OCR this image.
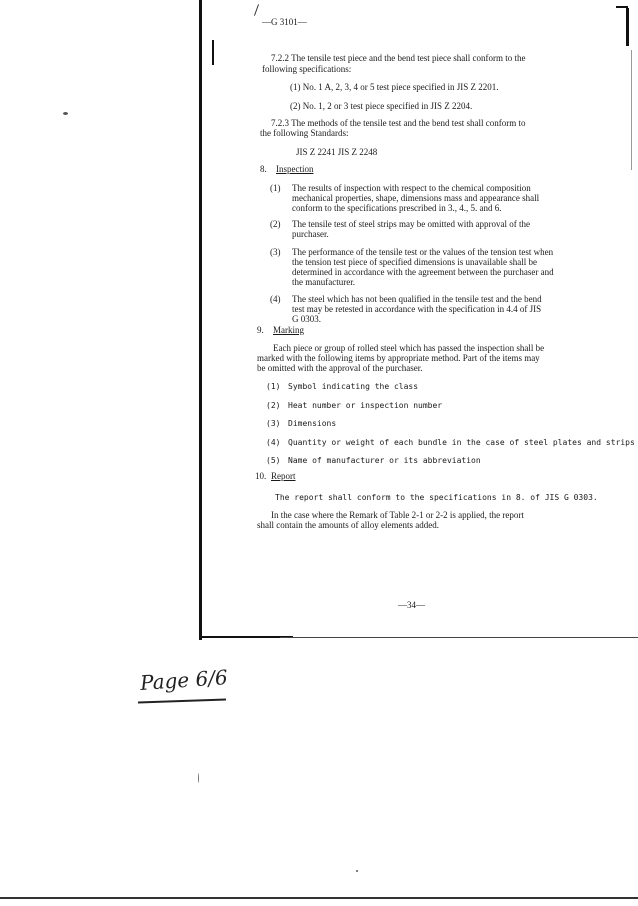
—G 3101—
7.2.2 The tensile test piece and the bend test piece shall conform to the
following specifications:
(1) No. 1 A, 2, 3, 4 or 5 test piece specified in JIS Z 2201.
(2) No. 1, 2 or 3 test piece specified in JIS Z 2204.
7.2.3 The methods of the tensile test and the bend test shall conform to
the following Standards:
JIS Z 2241 JIS Z 2248
8. Inspection
(1) The results of inspection with respect to the chemical composition
mechanical properties, shape, dimensions mass and appearance shall
conform to the specifications prescribed in 3., 4., 5. and 6.
(2) The tensile test of steel strips may be omitted with approval of the
purchaser.
(3) The performance of the tensile test or the values of the tension test when
the tension test piece of specified dimensions is unavailable shall be
determined in accordance with the agreement between the purchaser and
the manufacturer.
(4) The steel which has not been qualified in the tensile test and the bend
test may be retested in accordance with the specification in 4.4 of JIS
G 0303.
9. Marking
Each piece or group of rolled steel which has passed the inspection shall be
marked with the following items by appropriate method. Part of the items may
be omitted with the approval of the purchaser.
(1) Symbol indicating the class
(2) Heat number or inspection number
(3) Dimensions
(4) Quantity or weight of each bundle in the case of steel plates and strips
(5) Name of manufacturer or its abbreviation
10. Report
The report shall conform to the specifications in 8. of JIS G 0303.
In the case where the Remark of Table 2-1 or 2-2 is applied, the report
shall contain the amounts of alloy elements added.
—34—
Page 6/6
